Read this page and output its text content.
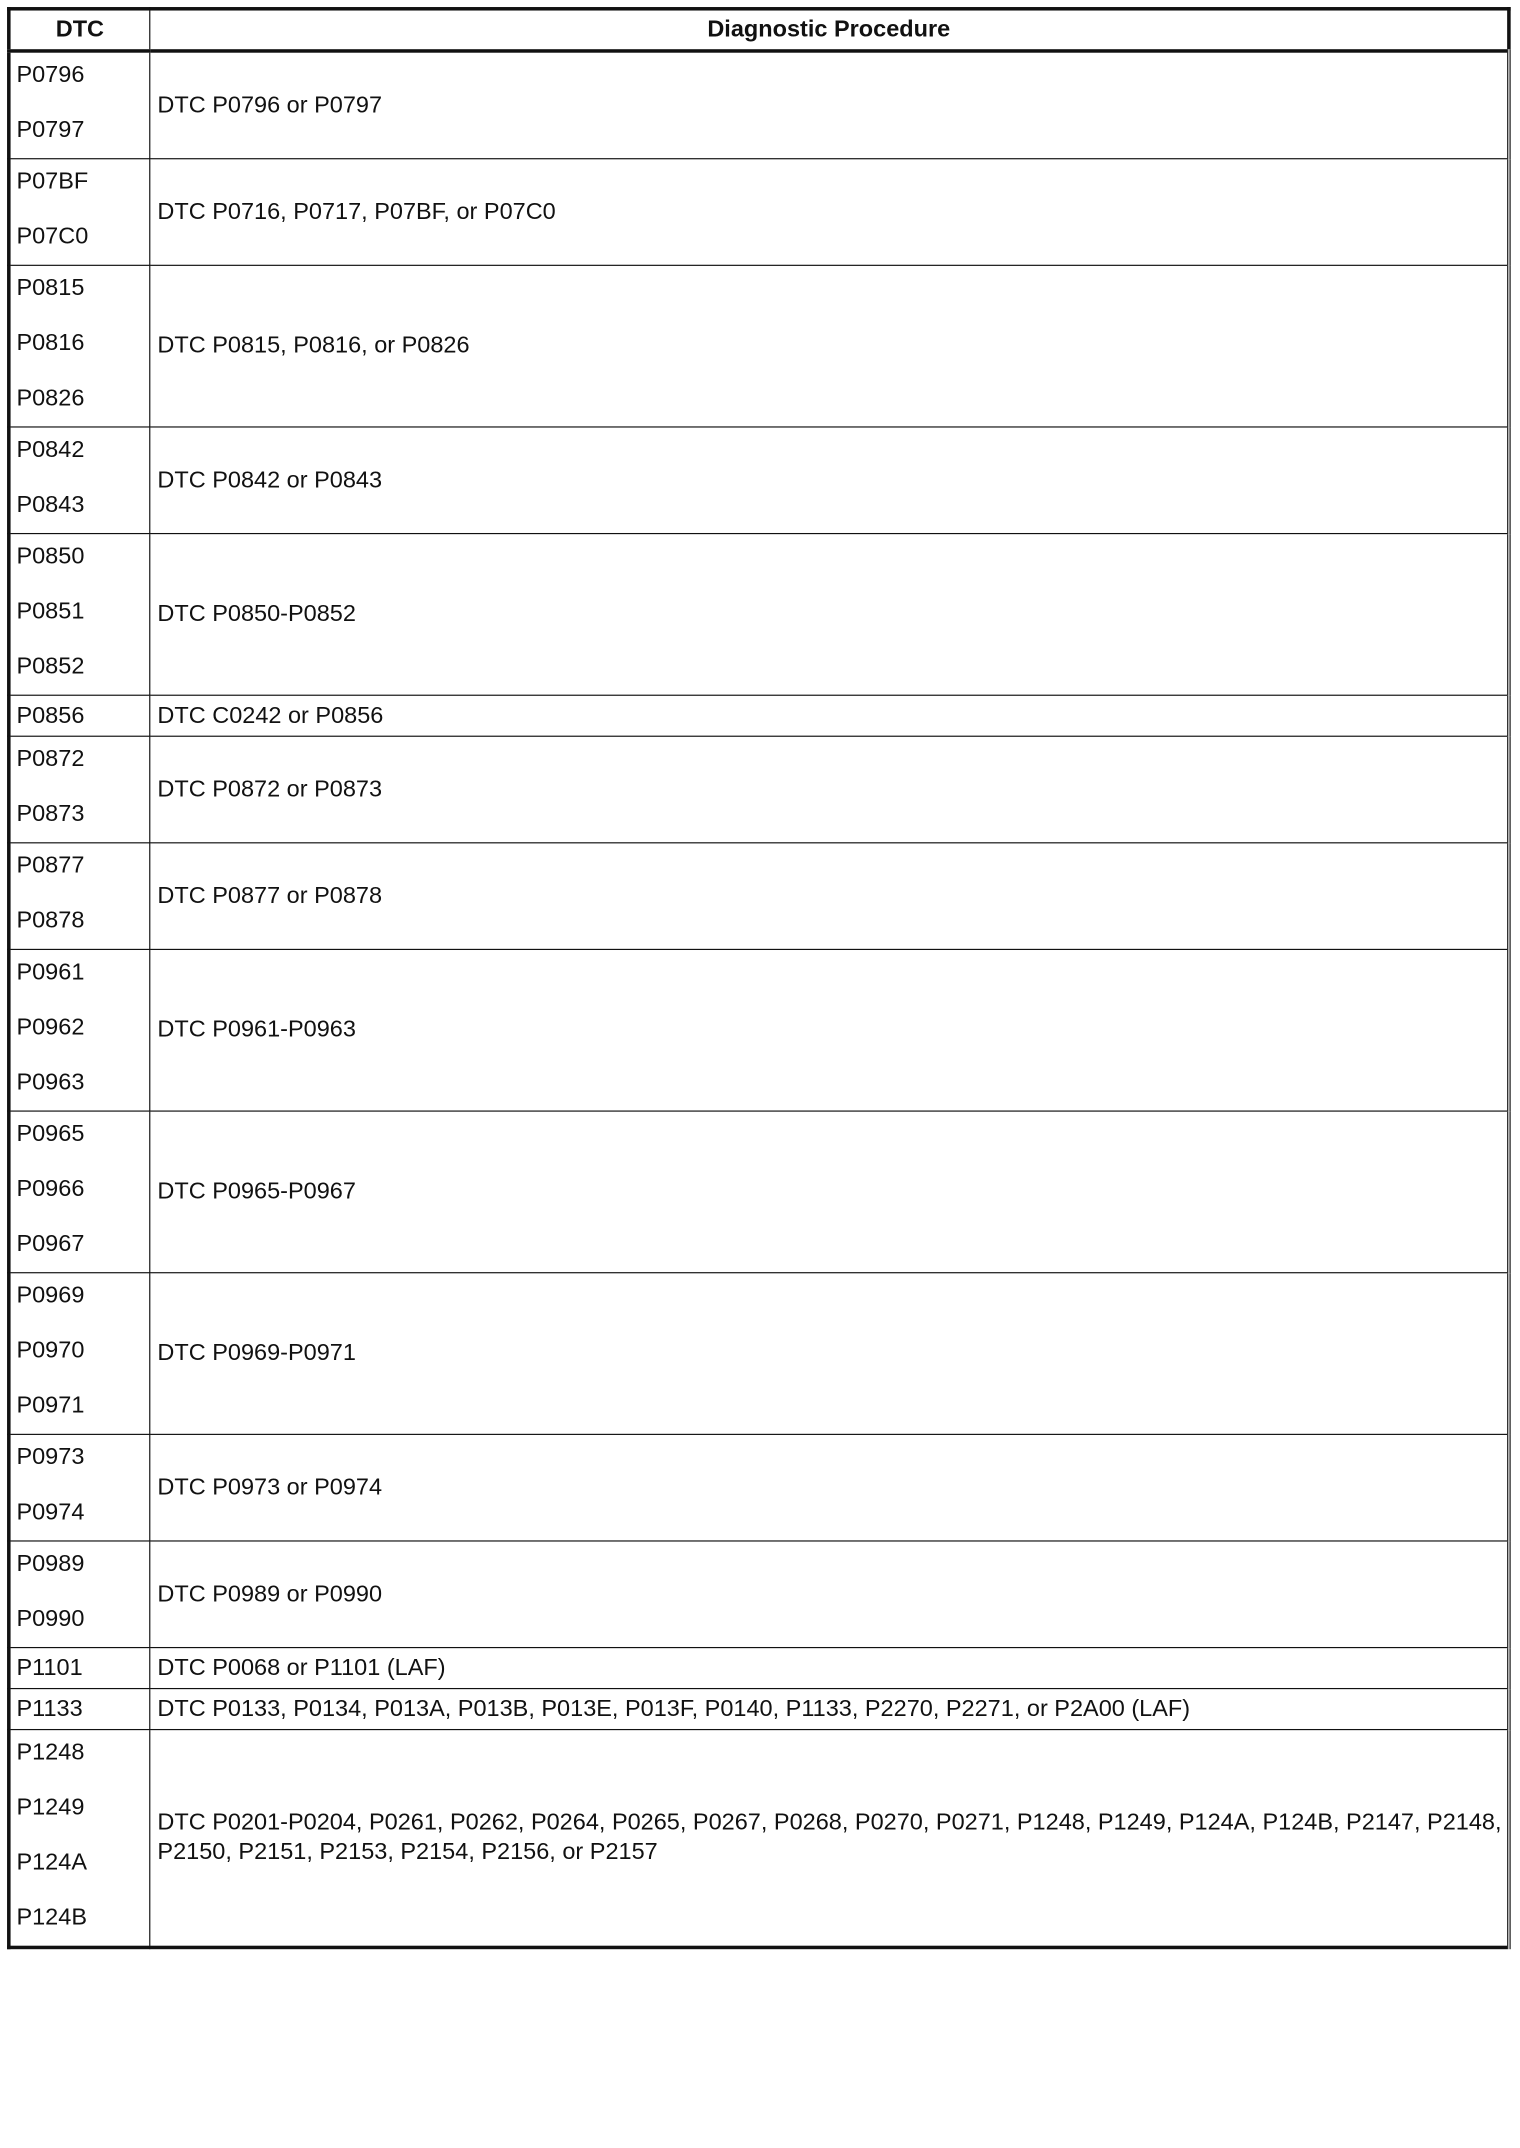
DTC	Diagnostic Procedure

P0796
P0797	DTC P0796 or P0797

P07BF
P07C0	DTC P0716, P0717, P07BF, or P07C0

P0815
P0816
P0826	DTC P0815, P0816, or P0826

P0842
P0843	DTC P0842 or P0843

P0850
P0851
P0852	DTC P0850-P0852

P0856	DTC C0242 or P0856

P0872
P0873	DTC P0872 or P0873

P0877
P0878	DTC P0877 or P0878

P0961
P0962
P0963	DTC P0961-P0963

P0965
P0966
P0967	DTC P0965-P0967

P0969
P0970
P0971	DTC P0969-P0971

P0973
P0974	DTC P0973 or P0974

P0989
P0990	DTC P0989 or P0990

P1101	DTC P0068 or P1101 (LAF)

P1133	DTC P0133, P0134, P013A, P013B, P013E, P013F, P0140, P1133, P2270, P2271, or P2A00 (LAF)

P1248
P1249
P124A
P124B	DTC P0201-P0204, P0261, P0262, P0264, P0265, P0267, P0268, P0270, P0271, P1248, P1249, P124A, P124B, P2147, P2148, P2150, P2151, P2153, P2154, P2156, or P2157
